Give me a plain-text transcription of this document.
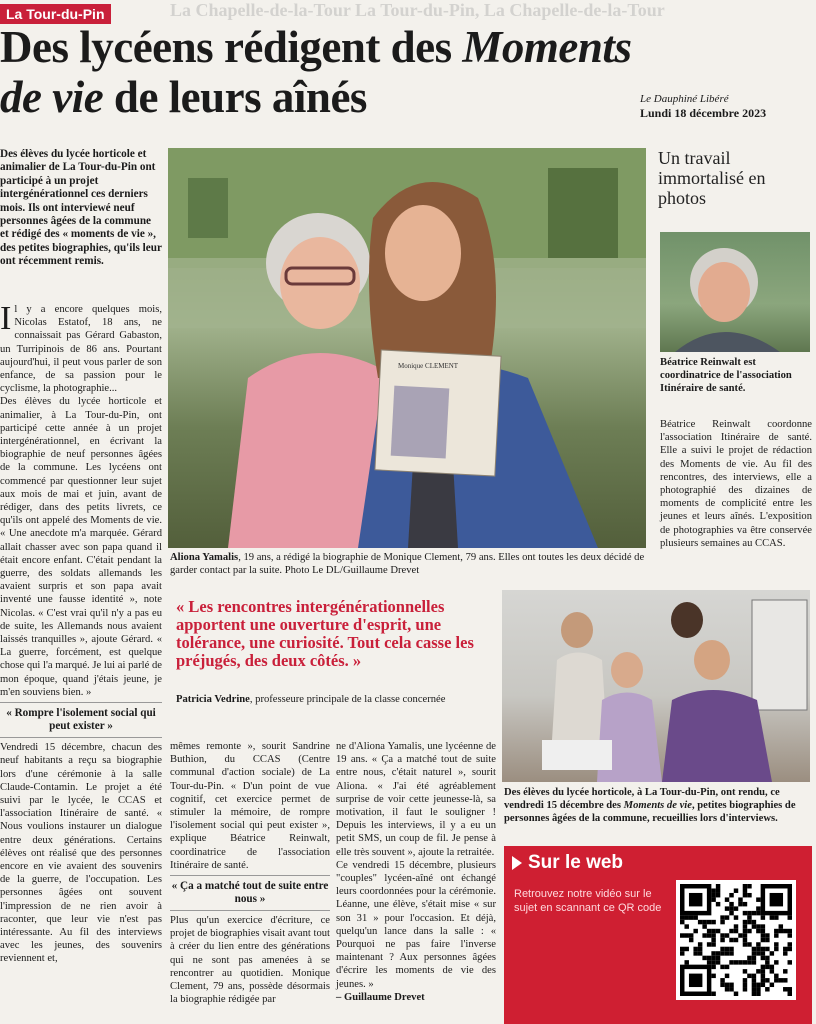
La Tour-du-Pin	La Chapelle-de-la-Tour La Tour-du-Pin, La Chapelle-de-la-Tour
Des lycéens rédigent des Moments
de vie de leurs aînés	Le Dauphiné Libéré
Lundi 18 décembre 2023
Des élèves du lycée horticole et animalier de La Tour-du-Pin ont participé à un projet intergénérationnel ces derniers mois. Ils ont interviewé neuf personnes âgées de la commune et rédigé des « moments de vie », des petites biographies, qu'ils leur ont récemment remis.

Il y a encore quelques mois, Nicolas Estatof, 18 ans, ne connaissait pas Gérard Gabaston, un Turripinois de 86 ans. Pourtant aujourd'hui, il peut vous parler de son enfance, de sa passion pour le cyclisme, la photographie...

Des élèves du lycée horticole et animalier, à La Tour-du-Pin, ont participé cette année à un projet intergénérationnel, en écrivant la biographie de neuf personnes âgées de la commune. Les lycéens ont commencé par questionner leur sujet aux mois de mai et juin, avant de rédiger, dans des petits livrets, ce qu'ils ont appelé des Moments de vie. « Une anecdote m'a marquée. Gérard allait chasser avec son papa quand il était encore enfant. C'était pendant la guerre, des soldats allemands les avaient surpris et son papa avait inventé une fausse identité », note Nicolas. « C'est vrai qu'il n'y a pas eu de suite, les Allemands nous avaient laissés tranquilles », ajoute Gérard. « La guerre, forcément, est quelque chose qui l'a marqué. Je lui ai parlé de mon époque, quand j'étais jeune, je m'en souviens bien. »

« Rompre l'isolement social qui peut exister »

Vendredi 15 décembre, chacun des neuf habitants a reçu sa biographie lors d'une cérémonie à la salle Claude-Contamin. Le projet a été suivi par le lycée, le CCAS et l'association Itinéraire de santé. « Nous voulions instaurer un dialogue entre deux générations. Certains élèves ont réalisé que des personnes encore en vie avaient des souvenirs de la guerre, de l'occupation. Les personnes âgées ont souvent l'impression de ne rien avoir à raconter, que leur vie n'est pas intéressante. Au fil des interviews avec les jeunes, des souvenirs reviennent et,

Monique CLEMENT
Aliona Yamalis, 19 ans, a rédigé la biographie de Monique Clement, 79 ans. Elles ont toutes les deux décidé de garder contact par la suite. Photo Le DL/Guillaume Drevet
Un travail immortalisé en photos
Béatrice Reinwalt est coordinatrice de l'association Itinéraire de santé.
Béatrice Reinwalt coordonne l'association Itinéraire de santé. Elle a suivi le projet de rédaction des Moments de vie. Au fil des rencontres, des interviews, elle a photographié des dizaines de moments de complicité entre les jeunes et leurs aînés. L'exposition de photographies va être conservée plusieurs semaines au CCAS.
« Les rencontres intergénérationnelles apportent une ouverture d'esprit, une tolérance, une curiosité. Tout cela casse les préjugés, des deux côtés. »
Patricia Vedrine, professeure principale de la classe concernée

mêmes remonte », sourit Sandrine Buthion, du CCAS (Centre communal d'action sociale) de La Tour-du-Pin. « D'un point de vue cognitif, cet exercice permet de stimuler la mémoire, de rompre l'isolement social qui peut exister », explique Béatrice Reinwalt, coordinatrice de l'association Itinéraire de santé.

« Ça a matché tout de suite entre nous »

Plus qu'un exercice d'écriture, ce projet de biographies visait avant tout à créer du lien entre des générations qui ne sont pas amenées à se rencontrer au quotidien. Monique Clement, 79 ans, possède désormais la biographie rédigée par

ne d'Aliona Yamalis, une lycéenne de 19 ans. « Ça a matché tout de suite entre nous, c'était naturel », sourit Aliona. « J'ai été agréablement surprise de voir cette jeunesse-là, sa motivation, il faut le souligner ! Depuis les interviews, il y a eu un petit SMS, un coup de fil. Je pense à elle très souvent », ajoute la retraitée.

Ce vendredi 15 décembre, plusieurs "couples" lycéen-aîné ont échangé leurs coordonnées pour la cérémonie. Léanne, une élève, s'était mise « sur son 31 » pour l'occasion. Et déjà, quelqu'un lance dans la salle : « Pourquoi ne pas faire l'inverse maintenant ? Aux personnes âgées d'écrire les moments de vie des jeunes. »

– Guillaume Drevet

Des élèves du lycée horticole, à La Tour-du-Pin, ont rendu, ce vendredi 15 décembre des Moments de vie, petites biographies de personnes âgées de la commune, recueillies lors d'interviews.
Sur le web
Retrouvez notre vidéo sur le sujet en scannant ce QR code
